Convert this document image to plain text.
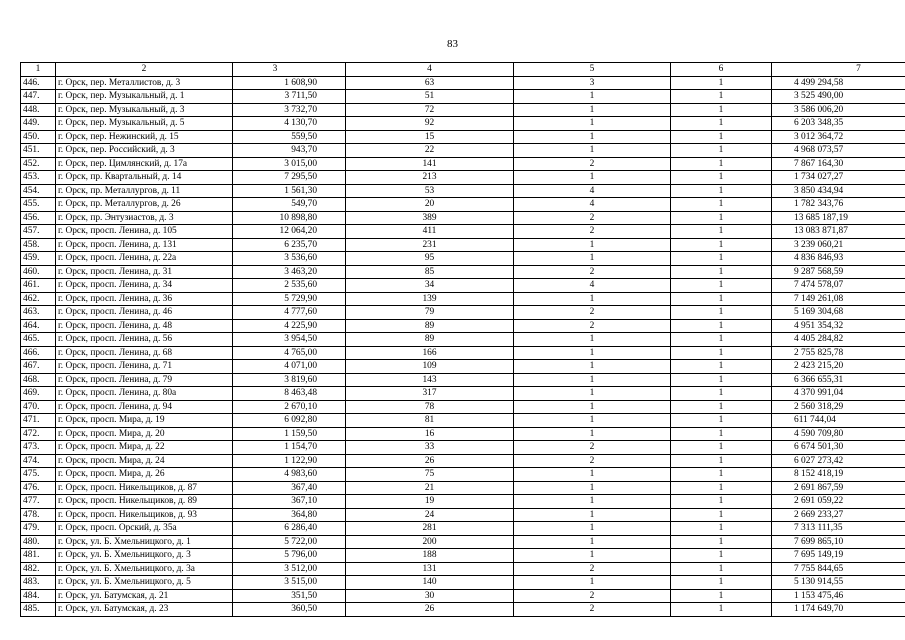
83
1	2	3	4	5	6	7
446.	г. Орск, пер. Металлистов, д. 3	1 608,90	63	3	1	4 499 294,58
447.	г. Орск, пер. Музыкальный, д. 1	3 711,50	51	1	1	3 525 490,00
448.	г. Орск, пер. Музыкальный, д. 3	3 732,70	72	1	1	3 586 006,20
449.	г. Орск, пер. Музыкальный, д. 5	4 130,70	92	1	1	6 203 348,35
450.	г. Орск, пер. Нежинский, д. 15	559,50	15	1	1	3 012 364,72
451.	г. Орск, пер. Российский, д. 3	943,70	22	1	1	4 968 073,57
452.	г. Орск, пер. Цимлянский, д. 17а	3 015,00	141	2	1	7 867 164,30
453.	г. Орск, пр. Квартальный, д. 14	7 295,50	213	1	1	1 734 027,27
454.	г. Орск, пр. Металлургов, д. 11	1 561,30	53	4	1	3 850 434,94
455.	г. Орск, пр. Металлургов, д. 26	549,70	20	4	1	1 782 343,76
456.	г. Орск, пр. Энтузиастов, д. 3	10 898,80	389	2	1	13 685 187,19
457.	г. Орск, просп. Ленина, д. 105	12 064,20	411	2	1	13 083 871,87
458.	г. Орск, просп. Ленина, д. 131	6 235,70	231	1	1	3 239 060,21
459.	г. Орск, просп. Ленина, д. 22а	3 536,60	95	1	1	4 836 846,93
460.	г. Орск, просп. Ленина, д. 31	3 463,20	85	2	1	9 287 568,59
461.	г. Орск, просп. Ленина, д. 34	2 535,60	34	4	1	7 474 578,07
462.	г. Орск, просп. Ленина, д. 36	5 729,90	139	1	1	7 149 261,08
463.	г. Орск, просп. Ленина, д. 46	4 777,60	79	2	1	5 169 304,68
464.	г. Орск, просп. Ленина, д. 48	4 225,90	89	2	1	4 951 354,32
465.	г. Орск, просп. Ленина, д. 56	3 954,50	89	1	1	4 405 284,82
466.	г. Орск, просп. Ленина, д. 68	4 765,00	166	1	1	2 755 825,78
467.	г. Орск, просп. Ленина, д. 71	4 071,00	109	1	1	2 423 215,20
468.	г. Орск, просп. Ленина, д. 79	3 819,60	143	1	1	6 366 655,31
469.	г. Орск, просп. Ленина, д. 80а	8 463,48	317	1	1	4 370 991,04
470.	г. Орск, просп. Ленина, д. 94	2 670,10	78	1	1	2 560 318,29
471.	г. Орск, просп. Мира, д. 19	6 092,80	81	1	1	611 744,04
472.	г. Орск, просп. Мира, д. 20	1 159,50	16	1	1	4 590 709,80
473.	г. Орск, просп. Мира, д. 22	1 154,70	33	2	1	6 674 501,30
474.	г. Орск, просп. Мира, д. 24	1 122,90	26	2	1	6 027 273,42
475.	г. Орск, просп. Мира, д. 26	4 983,60	75	1	1	8 152 418,19
476.	г. Орск, просп. Никельщиков, д. 87	367,40	21	1	1	2 691 867,59
477.	г. Орск, просп. Никельщиков, д. 89	367,10	19	1	1	2 691 059,22
478.	г. Орск, просп. Никельщиков, д. 93	364,80	24	1	1	2 669 233,27
479.	г. Орск, просп. Орский, д. 35а	6 286,40	281	1	1	7 313 111,35
480.	г. Орск, ул. Б. Хмельницкого, д. 1	5 722,00	200	1	1	7 699 865,10
481.	г. Орск, ул. Б. Хмельницкого, д. 3	5 796,00	188	1	1	7 695 149,19
482.	г. Орск, ул. Б. Хмельницкого, д. 3а	3 512,00	131	2	1	7 755 844,65
483.	г. Орск, ул. Б. Хмельницкого, д. 5	3 515,00	140	1	1	5 130 914,55
484.	г. Орск, ул. Батумская, д. 21	351,50	30	2	1	1 153 475,46
485.	г. Орск, ул. Батумская, д. 23	360,50	26	2	1	1 174 649,70
